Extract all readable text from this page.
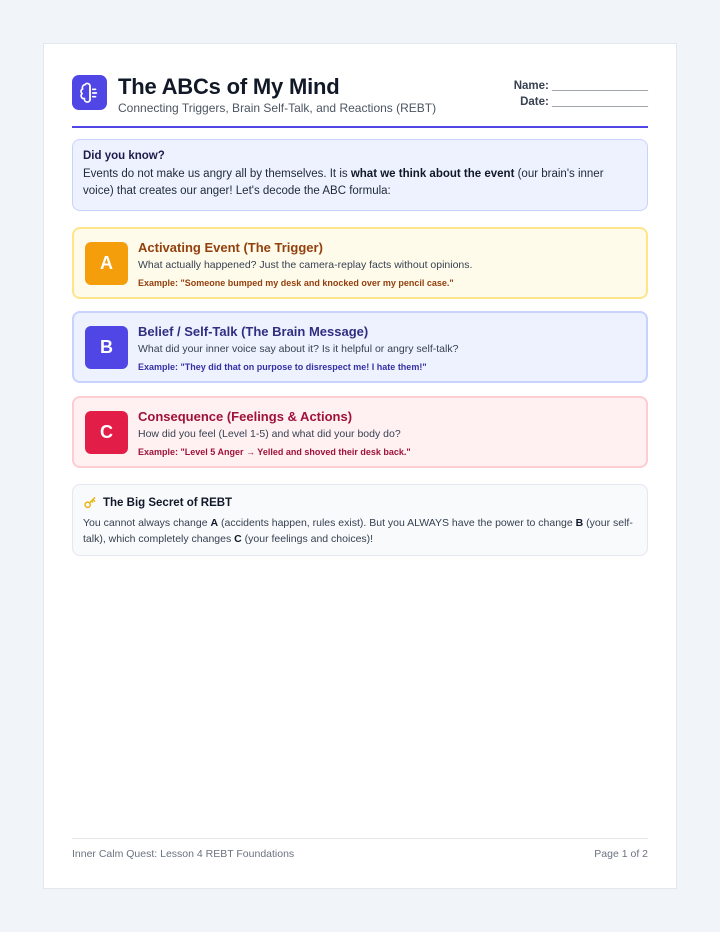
The ABCs of My Mind
Connecting Triggers, Brain Self-Talk, and Reactions (REBT)
Name: _______________
Date: _______________
Did you know?
Events do not make us angry all by themselves. It is what we think about the event (our brain's inner voice) that creates our anger! Let's decode the ABC formula:
A
Activating Event (The Trigger)
What actually happened? Just the camera-replay facts without opinions.
Example: "Someone bumped my desk and knocked over my pencil case."
B
Belief / Self-Talk (The Brain Message)
What did your inner voice say about it? Is it helpful or angry self-talk?
Example: "They did that on purpose to disrespect me! I hate them!"
C
Consequence (Feelings & Actions)
How did you feel (Level 1-5) and what did your body do?
Example: "Level 5 Anger → Yelled and shoved their desk back."
The Big Secret of REBT
You cannot always change A (accidents happen, rules exist). But you ALWAYS have the power to change B (your self-talk), which completely changes C (your feelings and choices)!
Inner Calm Quest: Lesson 4 REBT Foundations	Page 1 of 2
